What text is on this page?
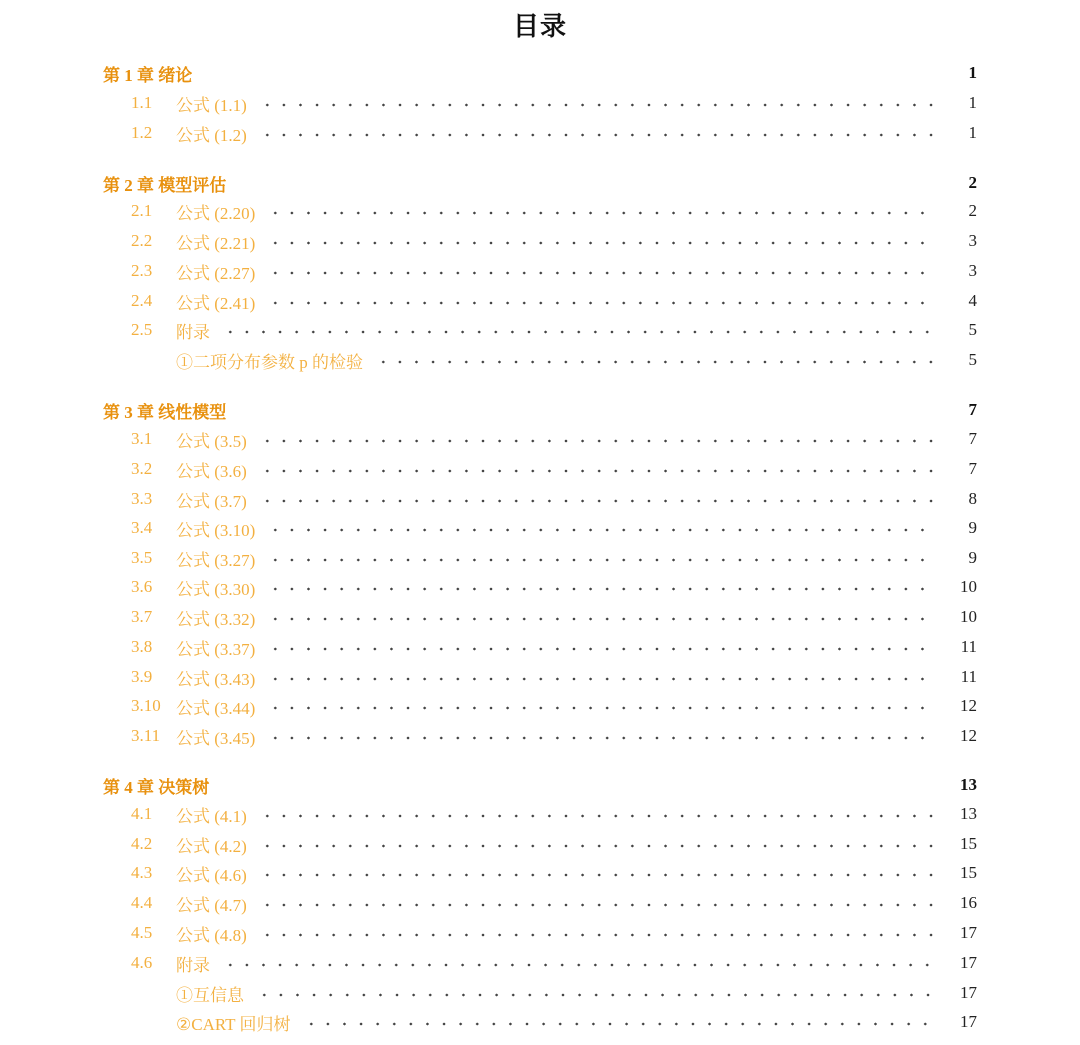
目录
第 1 章 绪论	1
1.1 公式 (1.1)	1
1.2 公式 (1.2)	1
第 2 章 模型评估	2
2.1 公式 (2.20)	2
2.2 公式 (2.21)	3
2.3 公式 (2.27)	3
2.4 公式 (2.41)	4
2.5 附录	5
①二项分布参数 p 的检验	5
第 3 章 线性模型	7
3.1 公式 (3.5)	7
3.2 公式 (3.6)	7
3.3 公式 (3.7)	8
3.4 公式 (3.10)	9
3.5 公式 (3.27)	9
3.6 公式 (3.30)	10
3.7 公式 (3.32)	10
3.8 公式 (3.37)	11
3.9 公式 (3.43)	11
3.10 公式 (3.44)	12
3.11 公式 (3.45)	12
第 4 章 决策树	13
4.1 公式 (4.1)	13
4.2 公式 (4.2)	15
4.3 公式 (4.6)	15
4.4 公式 (4.7)	16
4.5 公式 (4.8)	17
4.6 附录	17
①互信息	17
②CART 回归树	17
